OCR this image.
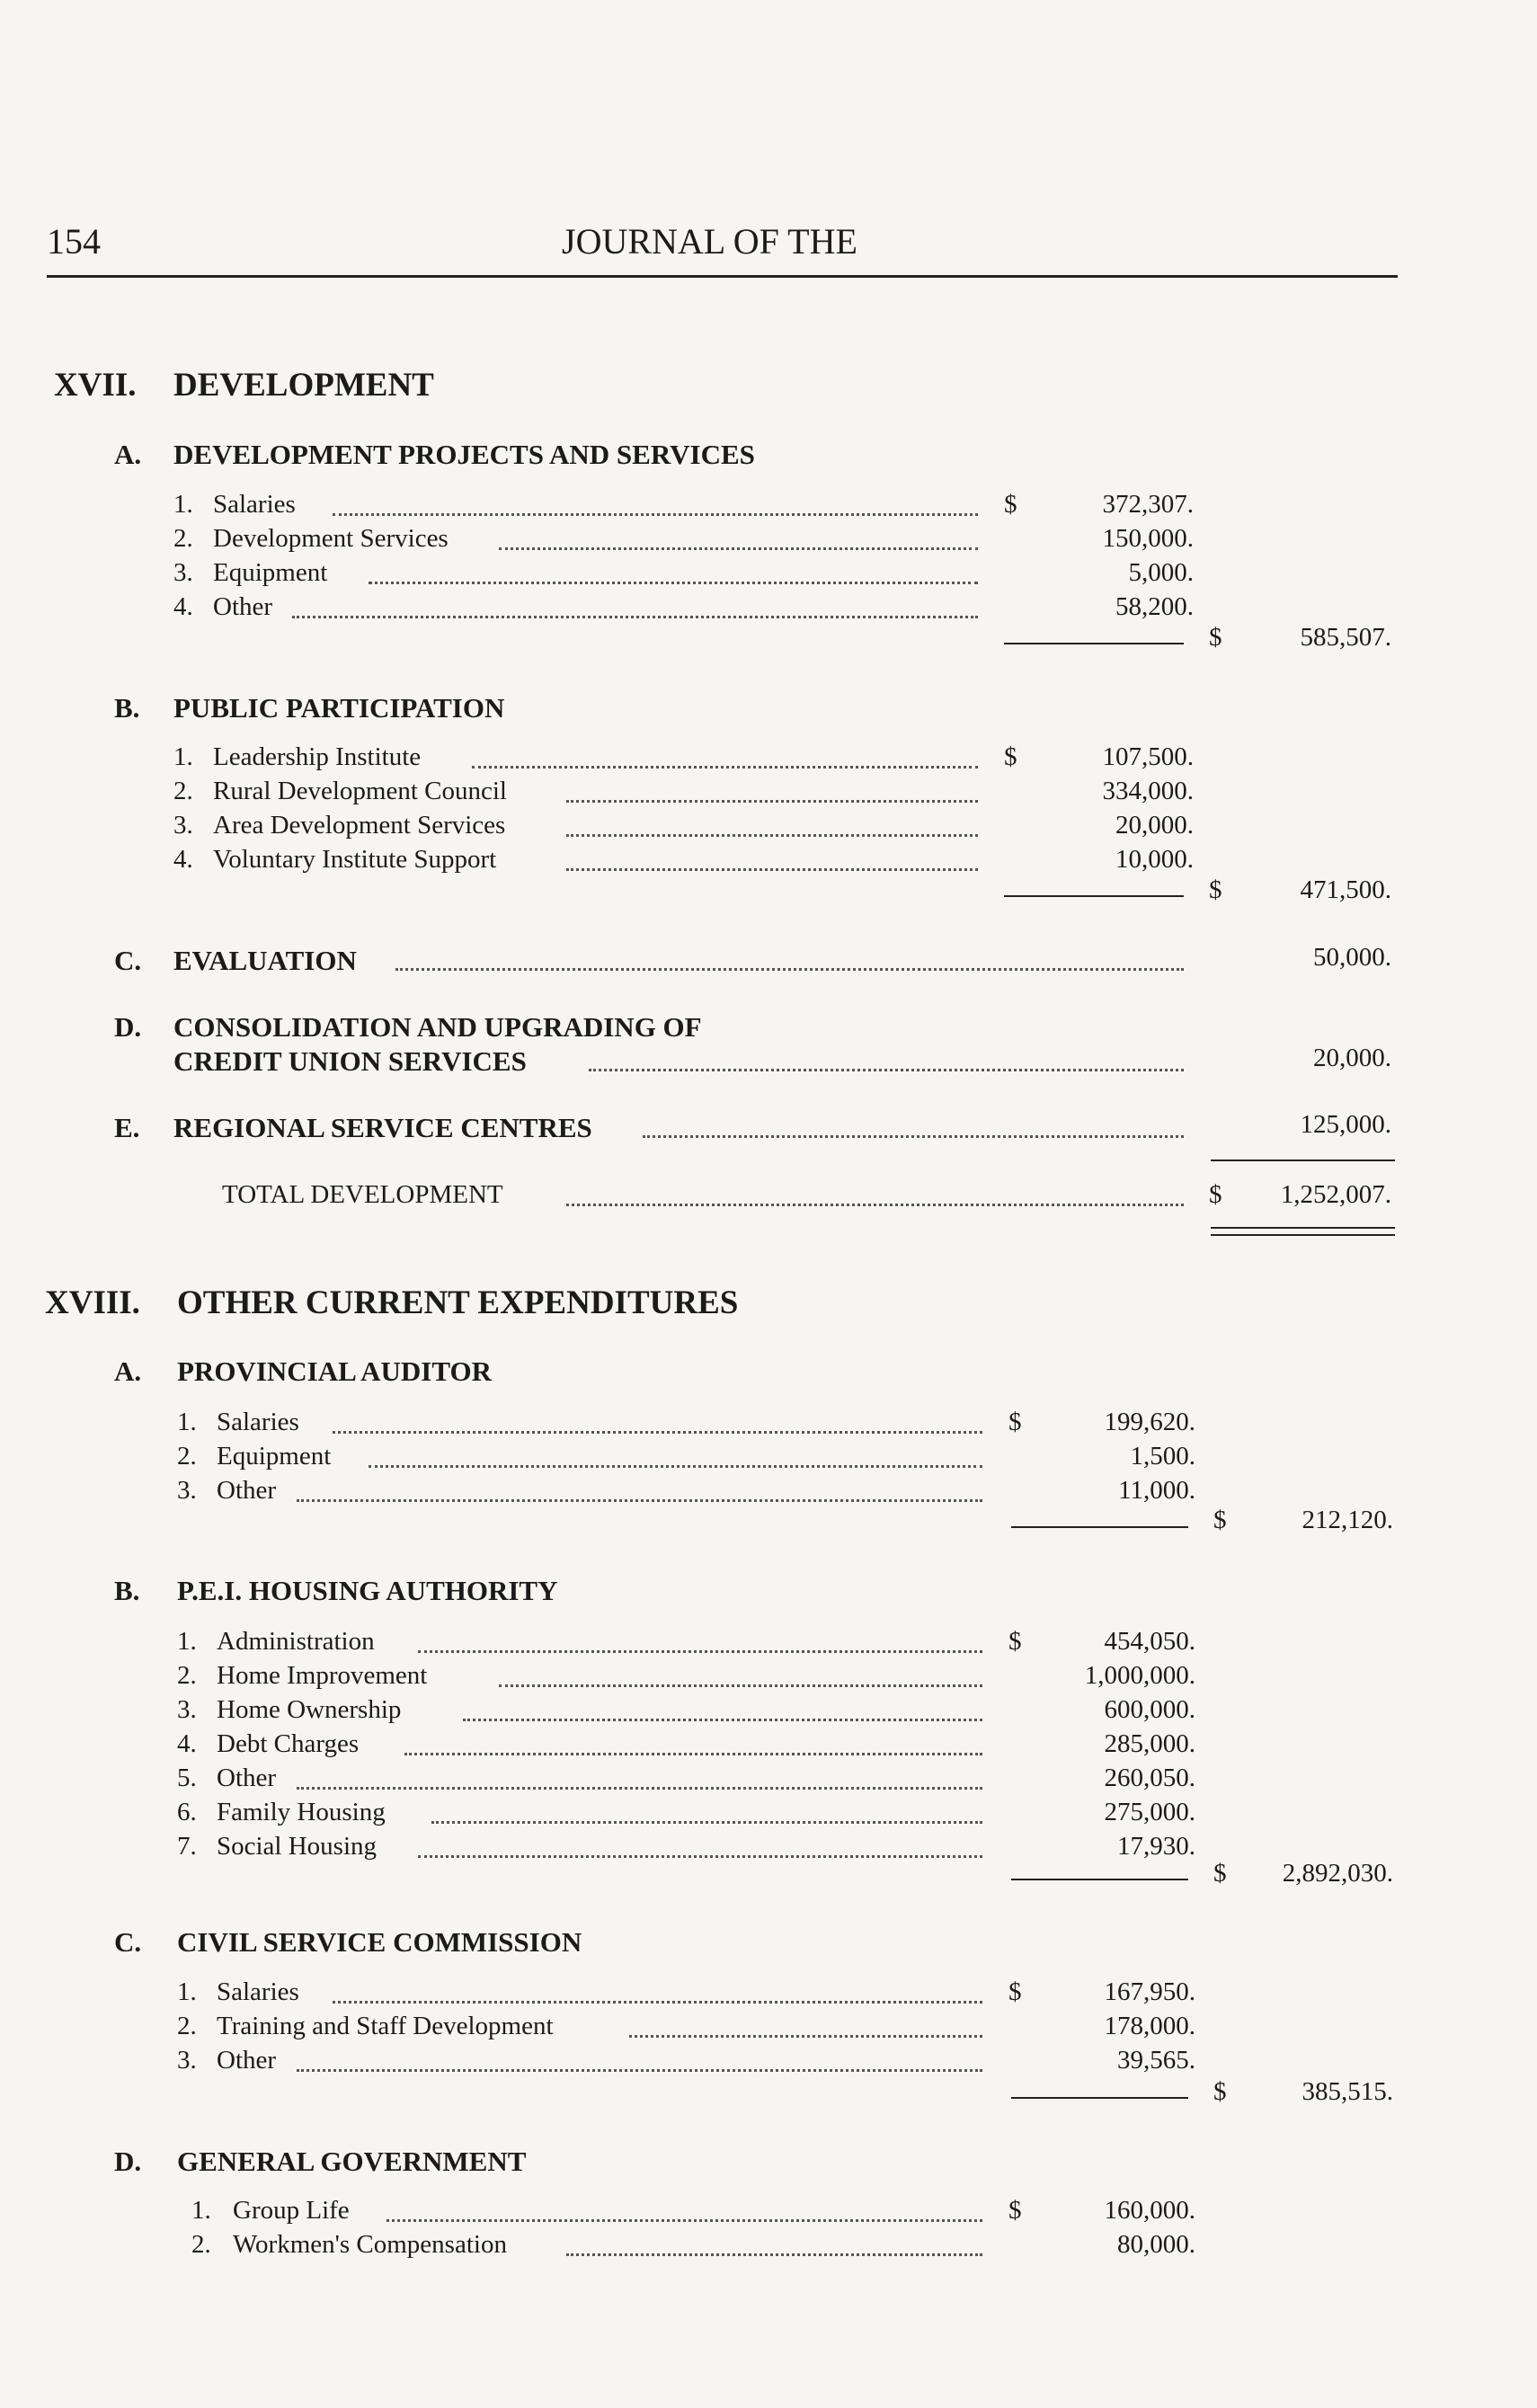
154	JOURNAL OF THE
XVII. DEVELOPMENT
A. DEVELOPMENT PROJECTS AND SERVICES
1. Salaries	$	372,307.
2. Development Services	150,000.
3. Equipment	5,000.
4. Other	58,200.
$	585,507.
B. PUBLIC PARTICIPATION
1. Leadership Institute	$	107,500.
2. Rural Development Council	334,000.
3. Area Development Services	20,000.
4. Voluntary Institute Support	10,000.
$	471,500.
C. EVALUATION	50,000.
D. CONSOLIDATION AND UPGRADING OF
CREDIT UNION SERVICES	20,000.
E. REGIONAL SERVICE CENTRES	125,000.
TOTAL DEVELOPMENT	$	1,252,007.
XVIII. OTHER CURRENT EXPENDITURES
A. PROVINCIAL AUDITOR
1. Salaries	$	199,620.
2. Equipment	1,500.
3. Other	11,000.
$	212,120.
B. P.E.I. HOUSING AUTHORITY
1. Administration	$	454,050.
2. Home Improvement	1,000,000.
3. Home Ownership	600,000.
4. Debt Charges	285,000.
5. Other	260,050.
6. Family Housing	275,000.
7. Social Housing	17,930.
$	2,892,030.
C. CIVIL SERVICE COMMISSION
1. Salaries	$	167,950.
2. Training and Staff Development	178,000.
3. Other	39,565.
$	385,515.
D. GENERAL GOVERNMENT
1. Group Life	$	160,000.
2. Workmen's Compensation	80,000.
